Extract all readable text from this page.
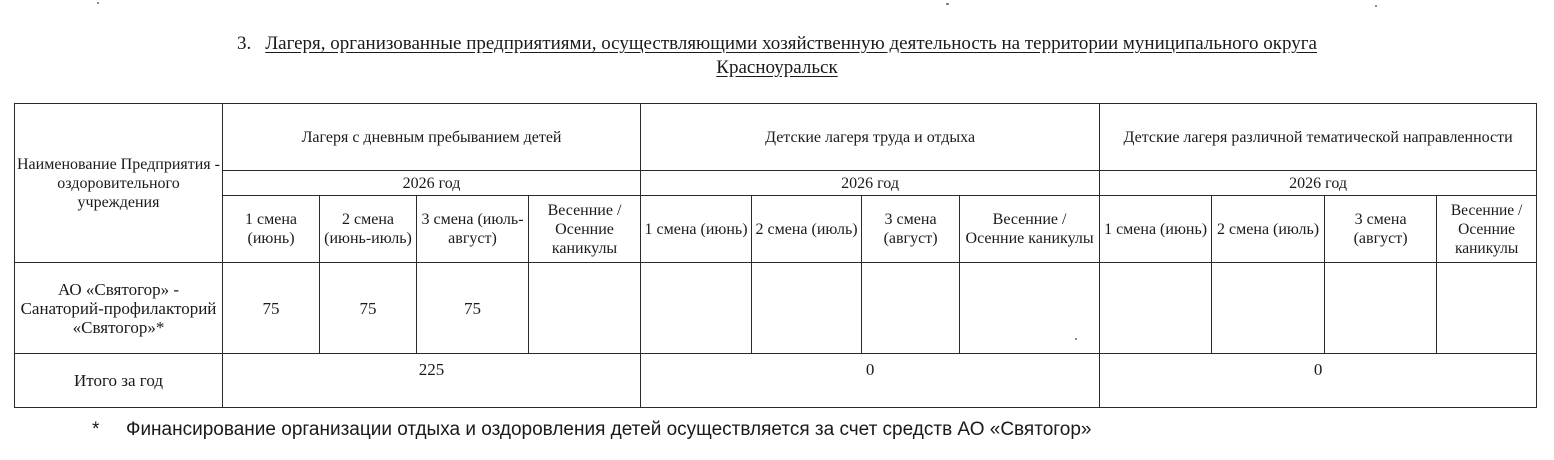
3. Лагеря, организованные предприятиями, осуществляющими хозяйственную деятельность на территории муниципального округа
Красноуральск
Наименование Предприятия - оздоровительного учреждения	Лагеря с дневным пребыванием детей				Детские лагеря труда и отдыха				Детские лагеря различной тематической направленности			
	2026 год				2026 год				2026 год			
	1 смена (июнь)	2 смена (июнь-июль)	3 смена (июль-август)	Весенние / Осенние каникулы	1 смена (июнь)	2 смена (июль)	3 смена (август)	Весенние / Осенние каникулы	1 смена (июнь)	2 смена (июль)	3 смена (август)	Весенние / Осенние каникулы
АО «Святогор» - Санаторий-профилакторий «Святогор»*	75	75	75									
Итого за год	225				0				0			
* Финансирование организации отдыха и оздоровления детей осуществляется за счет средств АО «Святогор»
